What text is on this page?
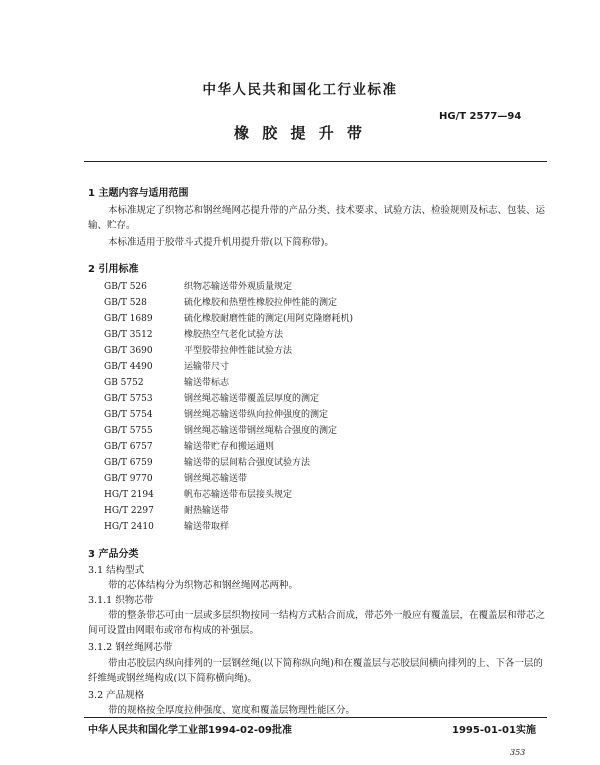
中华人民共和国化工行业标准
HG/T 2577—94
橡 胶 提 升 带
1 主题内容与适用范围
本标准规定了织物芯和钢丝绳网芯提升带的产品分类、技术要求、试验方法、检验规则及标志、包装、运输、贮存。
本标准适用于胶带斗式提升机用提升带(以下简称带)。
2 引用标准
GB/T 526	织物芯输送带外观质量规定
GB/T 528	硫化橡胶和热塑性橡胶拉伸性能的测定
GB/T 1689	硫化橡胶耐磨性能的测定(用阿克隆磨耗机)
GB/T 3512	橡胶热空气老化试验方法
GB/T 3690	平型胶带拉伸性能试验方法
GB/T 4490	运输带尺寸
GB 5752	输送带标志
GB/T 5753	钢丝绳芯输送带覆盖层厚度的测定
GB/T 5754	钢丝绳芯输送带纵向拉伸强度的测定
GB/T 5755	钢丝绳芯输送带钢丝绳粘合强度的测定
GB/T 6757	输送带贮存和搬运通则
GB/T 6759	输送带的层间粘合强度试验方法
GB/T 9770	钢丝绳芯输送带
HG/T 2194	帆布芯输送带布层接头规定
HG/T 2297	耐热输送带
HG/T 2410	输送带取样
3 产品分类
3.1 结构型式
带的芯体结构分为织物芯和钢丝绳网芯两种。
3.1.1 织物芯带
带的整条带芯可由一层或多层织物按同一结构方式粘合而成，带芯外一般应有覆盖层，在覆盖层和带芯之间可设置由网眼布或帘布构成的补强层。
3.1.2 钢丝绳网芯带
带由芯胶层内纵向排列的一层钢丝绳(以下简称纵向绳)和在覆盖层与芯胶层间横向排列的上、下各一层的纤维绳或钢丝绳构成(以下简称横向绳)。
3.2 产品规格
带的规格按全厚度拉伸强度、宽度和覆盖层物理性能区分。
中华人民共和国化学工业部1994-02-09批准	1995-01-01实施
353
